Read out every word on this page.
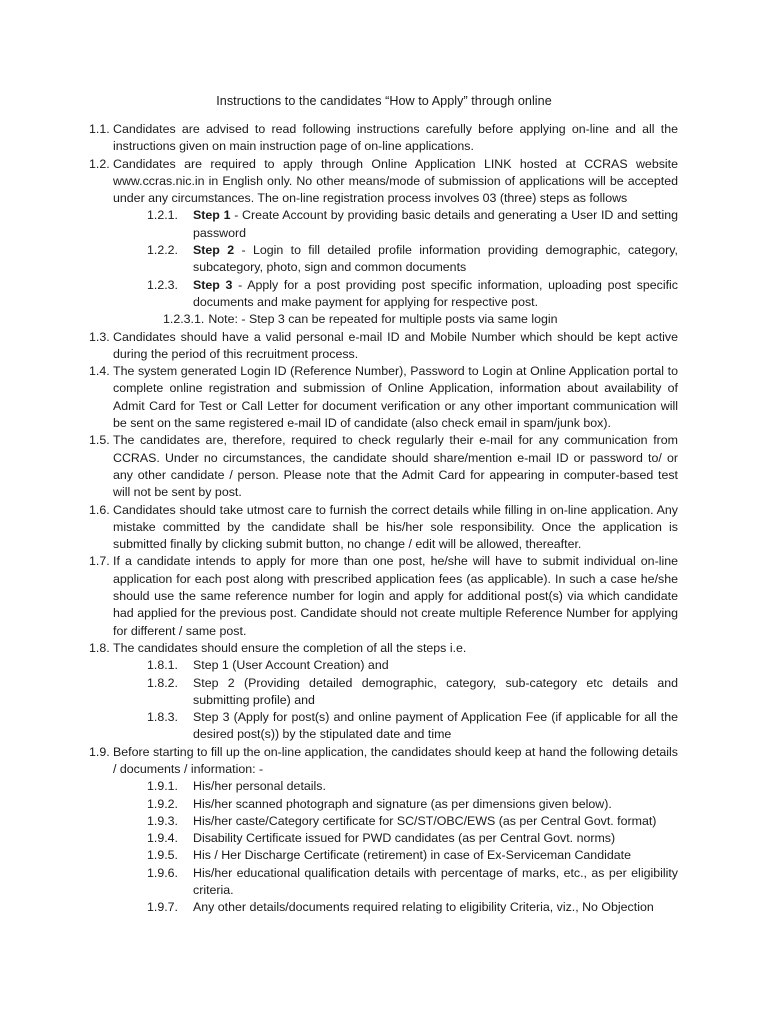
Instructions to the candidates “How to Apply” through online
1.1. Candidates are advised to read following instructions carefully before applying on-line and all the instructions given on main instruction page of on-line applications.
1.2. Candidates are required to apply through Online Application LINK hosted at CCRAS website www.ccras.nic.in in English only. No other means/mode of submission of applications will be accepted under any circumstances. The on-line registration process involves 03 (three) steps as follows
1.2.1. Step 1 - Create Account by providing basic details and generating a User ID and setting password
1.2.2. Step 2 - Login to fill detailed profile information providing demographic, category, subcategory, photo, sign and common documents
1.2.3. Step 3 - Apply for a post providing post specific information, uploading post specific documents and make payment for applying for respective post.
1.2.3.1. Note: - Step 3 can be repeated for multiple posts via same login
1.3. Candidates should have a valid personal e-mail ID and Mobile Number which should be kept active during the period of this recruitment process.
1.4. The system generated Login ID (Reference Number), Password to Login at Online Application portal to complete online registration and submission of Online Application, information about availability of Admit Card for Test or Call Letter for document verification or any other important communication will be sent on the same registered e-mail ID of candidate (also check email in spam/junk box).
1.5. The candidates are, therefore, required to check regularly their e-mail for any communication from CCRAS. Under no circumstances, the candidate should share/mention e-mail ID or password to/ or any other candidate / person. Please note that the Admit Card for appearing in computer-based test will not be sent by post.
1.6. Candidates should take utmost care to furnish the correct details while filling in on-line application. Any mistake committed by the candidate shall be his/her sole responsibility. Once the application is submitted finally by clicking submit button, no change / edit will be allowed, thereafter.
1.7. If a candidate intends to apply for more than one post, he/she will have to submit individual on-line application for each post along with prescribed application fees (as applicable). In such a case he/she should use the same reference number for login and apply for additional post(s) via which candidate had applied for the previous post. Candidate should not create multiple Reference Number for applying for different / same post.
1.8. The candidates should ensure the completion of all the steps i.e.
1.8.1. Step 1 (User Account Creation) and
1.8.2. Step 2 (Providing detailed demographic, category, sub-category etc details and submitting profile) and
1.8.3. Step 3 (Apply for post(s) and online payment of Application Fee (if applicable for all the desired post(s)) by the stipulated date and time
1.9. Before starting to fill up the on-line application, the candidates should keep at hand the following details / documents / information: -
1.9.1. His/her personal details.
1.9.2. His/her scanned photograph and signature (as per dimensions given below).
1.9.3. His/her caste/Category certificate for SC/ST/OBC/EWS (as per Central Govt. format)
1.9.4. Disability Certificate issued for PWD candidates (as per Central Govt. norms)
1.9.5. His / Her Discharge Certificate (retirement) in case of Ex-Serviceman Candidate
1.9.6. His/her educational qualification details with percentage of marks, etc., as per eligibility criteria.
1.9.7. Any other details/documents required relating to eligibility Criteria, viz., No Objection
